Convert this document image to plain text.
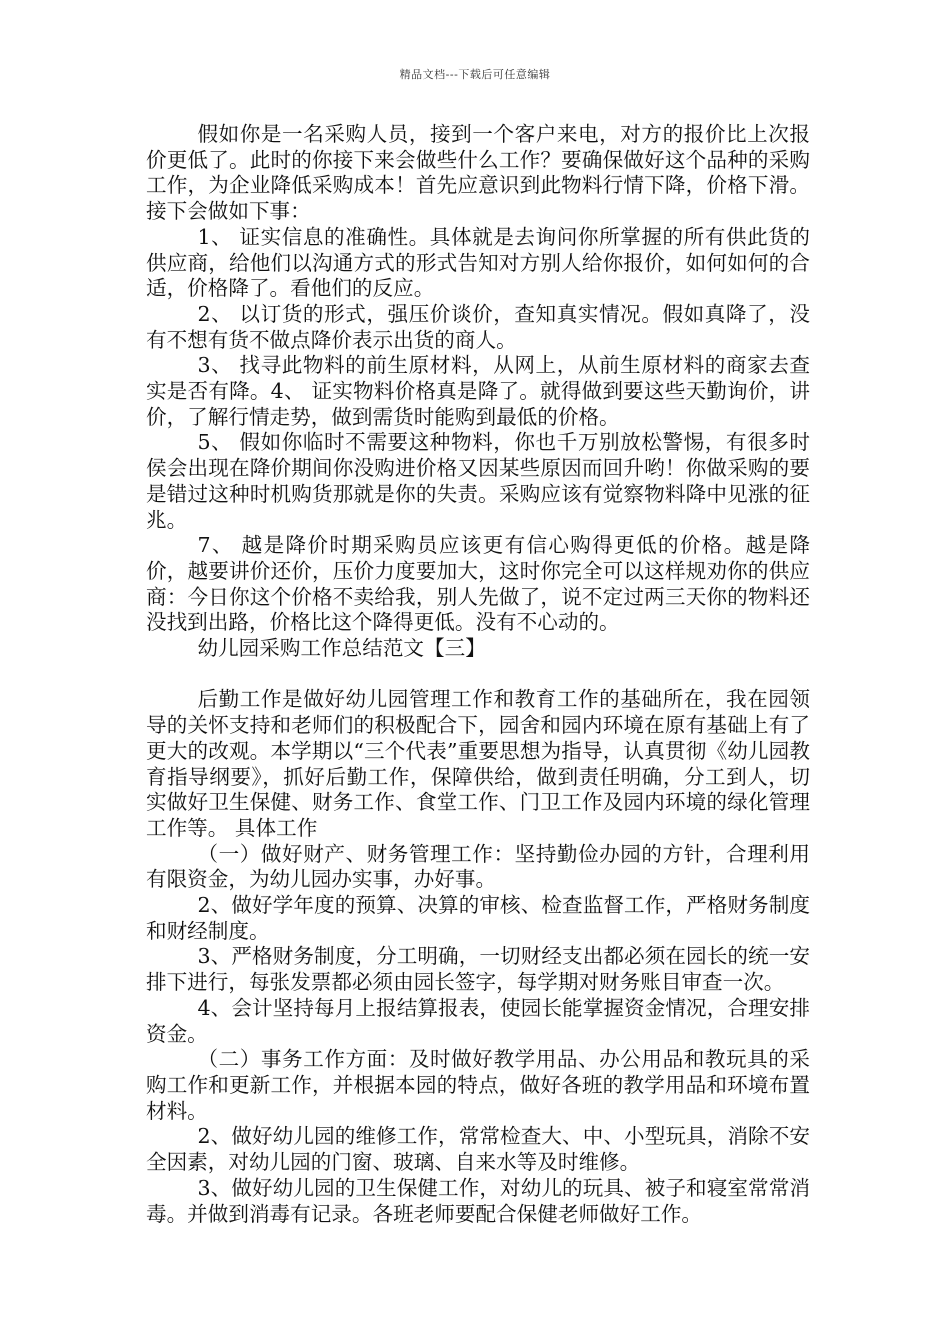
精品文档---下载后可任意编辑

假如你是一名采购人员，接到一个客户来电，对方的报价比上次报价更低了。此时的你接下来会做些什么工作？要确保做好这个品种的采购工作，为企业降低采购成本！首先应意识到此物料行情下降，价格下滑。接下会做如下事：

1、 证实信息的准确性。具体就是去询问你所掌握的所有供此货的供应商，给他们以沟通方式的形式告知对方别人给你报价，如何如何的合适，价格降了。看他们的反应。

2、 以订货的形式，强压价谈价，查知真实情况。假如真降了，没有不想有货不做点降价表示出货的商人。

3、 找寻此物料的前生原材料，从网上，从前生原材料的商家去查实是否有降。4、 证实物料价格真是降了。就得做到要这些天勤询价，讲价，了解行情走势，做到需货时能购到最低的价格。

5、 假如你临时不需要这种物料，你也千万别放松警惕，有很多时侯会出现在降价期间你没购进价格又因某些原因而回升哟！你做采购的要是错过这种时机购货那就是你的失责。采购应该有觉察物料降中见涨的征兆。

7、 越是降价时期采购员应该更有信心购得更低的价格。越是降价，越要讲价还价，压价力度要加大，这时你完全可以这样规劝你的供应商：今日你这个价格不卖给我，别人先做了，说不定过两三天你的物料还没找到出路，价格比这个降得更低。没有不心动的。

幼儿园采购工作总结范文【三】

后勤工作是做好幼儿园管理工作和教育工作的基础所在，我在园领导的关怀支持和老师们的积极配合下，园舍和园内环境在原有基础上有了更大的改观。本学期以“三个代表”重要思想为指导，认真贯彻《幼儿园教育指导纲要》，抓好后勤工作，保障供给，做到责任明确，分工到人，切实做好卫生保健、财务工作、食堂工作、门卫工作及园内环境的绿化管理工作等。 具体工作

（一）做好财产、财务管理工作：坚持勤俭办园的方针，合理利用有限资金，为幼儿园办实事，办好事。

2、做好学年度的预算、决算的审核、检查监督工作，严格财务制度和财经制度。

3、严格财务制度，分工明确，一切财经支出都必须在园长的统一安排下进行，每张发票都必须由园长签字，每学期对财务账目审查一次。

4、会计坚持每月上报结算报表，使园长能掌握资金情况，合理安排资金。

（二）事务工作方面：及时做好教学用品、办公用品和教玩具的采购工作和更新工作，并根据本园的特点，做好各班的教学用品和环境布置材料。

2、做好幼儿园的维修工作，常常检查大、中、小型玩具，消除不安全因素，对幼儿园的门窗、玻璃、自来水等及时维修。

3、做好幼儿园的卫生保健工作，对幼儿的玩具、被子和寝室常常消毒。并做到消毒有记录。各班老师要配合保健老师做好工作。
